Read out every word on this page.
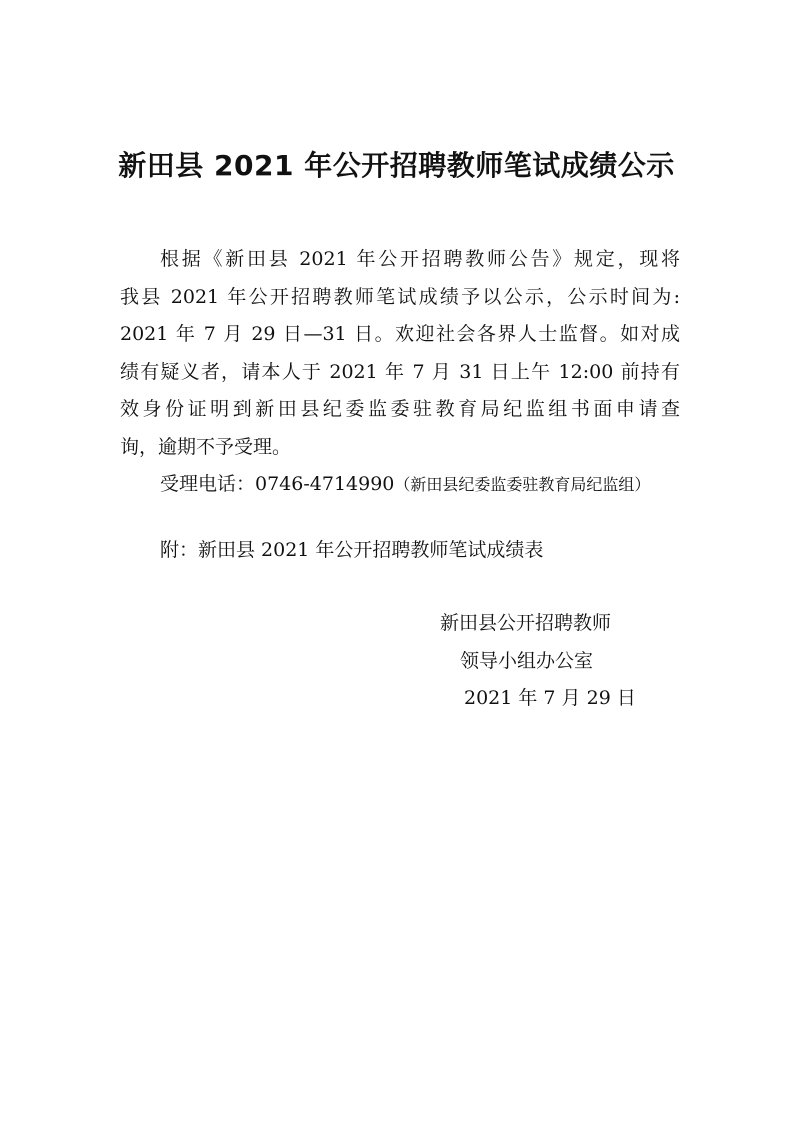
新田县 2021 年公开招聘教师笔试成绩公示
根据《新田县 2021 年公开招聘教师公告》规定，现将
我县 2021 年公开招聘教师笔试成绩予以公示，公示时间为:
2021 年 7 月 29 日—31 日。欢迎社会各界人士监督。如对成
绩有疑义者，请本人于 2021 年 7 月 31 日上午 12:00 前持有
效身份证明到新田县纪委监委驻教育局纪监组书面申请查
询，逾期不予受理。
受理电话：0746-4714990（新田县纪委监委驻教育局纪监组）
附：新田县 2021 年公开招聘教师笔试成绩表
新田县公开招聘教师
领导小组办公室
2021 年 7 月 29 日
